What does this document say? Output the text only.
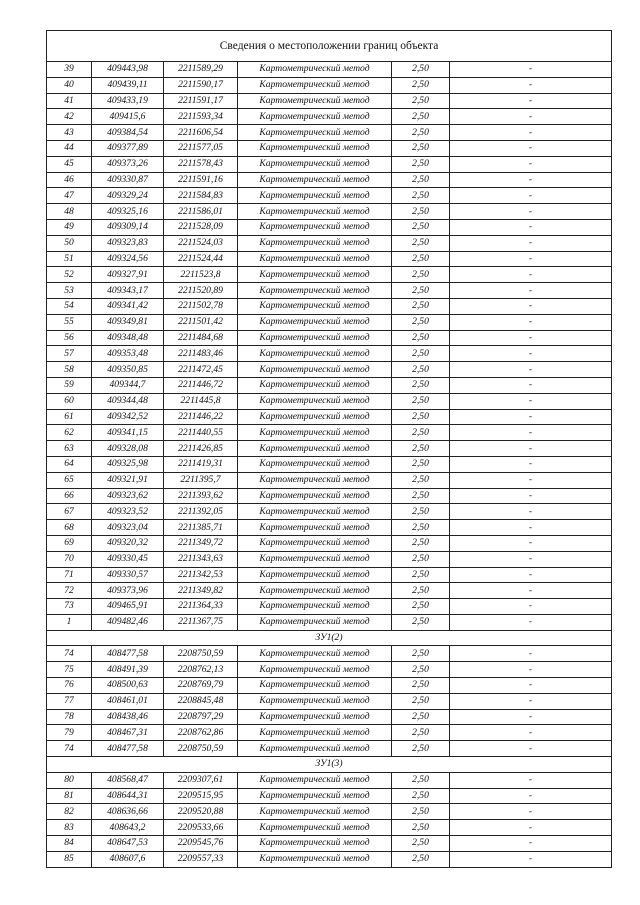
Сведения о местоположении границ объекта					
39	409443,98	2211589,29	Картометрический метод	2,50	-
40	409439,11	2211590,17	Картометрический метод	2,50	-
41	409433,19	2211591,17	Картометрический метод	2,50	-
42	409415,6	2211593,34	Картометрический метод	2,50	-
43	409384,54	2211606,54	Картометрический метод	2,50	-
44	409377,89	2211577,05	Картометрический метод	2,50	-
45	409373,26	2211578,43	Картометрический метод	2,50	-
46	409330,87	2211591,16	Картометрический метод	2,50	-
47	409329,24	2211584,83	Картометрический метод	2,50	-
48	409325,16	2211586,01	Картометрический метод	2,50	-
49	409309,14	2211528,09	Картометрический метод	2,50	-
50	409323,83	2211524,03	Картометрический метод	2,50	-
51	409324,56	2211524,44	Картометрический метод	2,50	-
52	409327,91	2211523,8	Картометрический метод	2,50	-
53	409343,17	2211520,89	Картометрический метод	2,50	-
54	409341,42	2211502,78	Картометрический метод	2,50	-
55	409349,81	2211501,42	Картометрический метод	2,50	-
56	409348,48	2211484,68	Картометрический метод	2,50	-
57	409353,48	2211483,46	Картометрический метод	2,50	-
58	409350,85	2211472,45	Картометрический метод	2,50	-
59	409344,7	2211446,72	Картометрический метод	2,50	-
60	409344,48	2211445,8	Картометрический метод	2,50	-
61	409342,52	2211446,22	Картометрический метод	2,50	-
62	409341,15	2211440,55	Картометрический метод	2,50	-
63	409328,08	2211426,85	Картометрический метод	2,50	-
64	409325,98	2211419,31	Картометрический метод	2,50	-
65	409321,91	2211395,7	Картометрический метод	2,50	-
66	409323,62	2211393,62	Картометрический метод	2,50	-
67	409323,52	2211392,05	Картометрический метод	2,50	-
68	409323,04	2211385,71	Картометрический метод	2,50	-
69	409320,32	2211349,72	Картометрический метод	2,50	-
70	409330,45	2211343,63	Картометрический метод	2,50	-
71	409330,57	2211342,53	Картометрический метод	2,50	-
72	409373,96	2211349,82	Картометрический метод	2,50	-
73	409465,91	2211364,33	Картометрический метод	2,50	-
1	409482,46	2211367,75	Картометрический метод	2,50	-
ЗУ1(2)					
74	408477,58	2208750,59	Картометрический метод	2,50	-
75	408491,39	2208762,13	Картометрический метод	2,50	-
76	408500,63	2208769,79	Картометрический метод	2,50	-
77	408461,01	2208845,48	Картометрический метод	2,50	-
78	408438,46	2208797,29	Картометрический метод	2,50	-
79	408467,31	2208762,86	Картометрический метод	2,50	-
74	408477,58	2208750,59	Картометрический метод	2,50	-
ЗУ1(3)					
80	408568,47	2209307,61	Картометрический метод	2,50	-
81	408644,31	2209515,95	Картометрический метод	2,50	-
82	408636,66	2209520,88	Картометрический метод	2,50	-
83	408643,2	2209533,66	Картометрический метод	2,50	-
84	408647,53	2209545,76	Картометрический метод	2,50	-
85	408607,6	2209557,33	Картометрический метод	2,50	-
